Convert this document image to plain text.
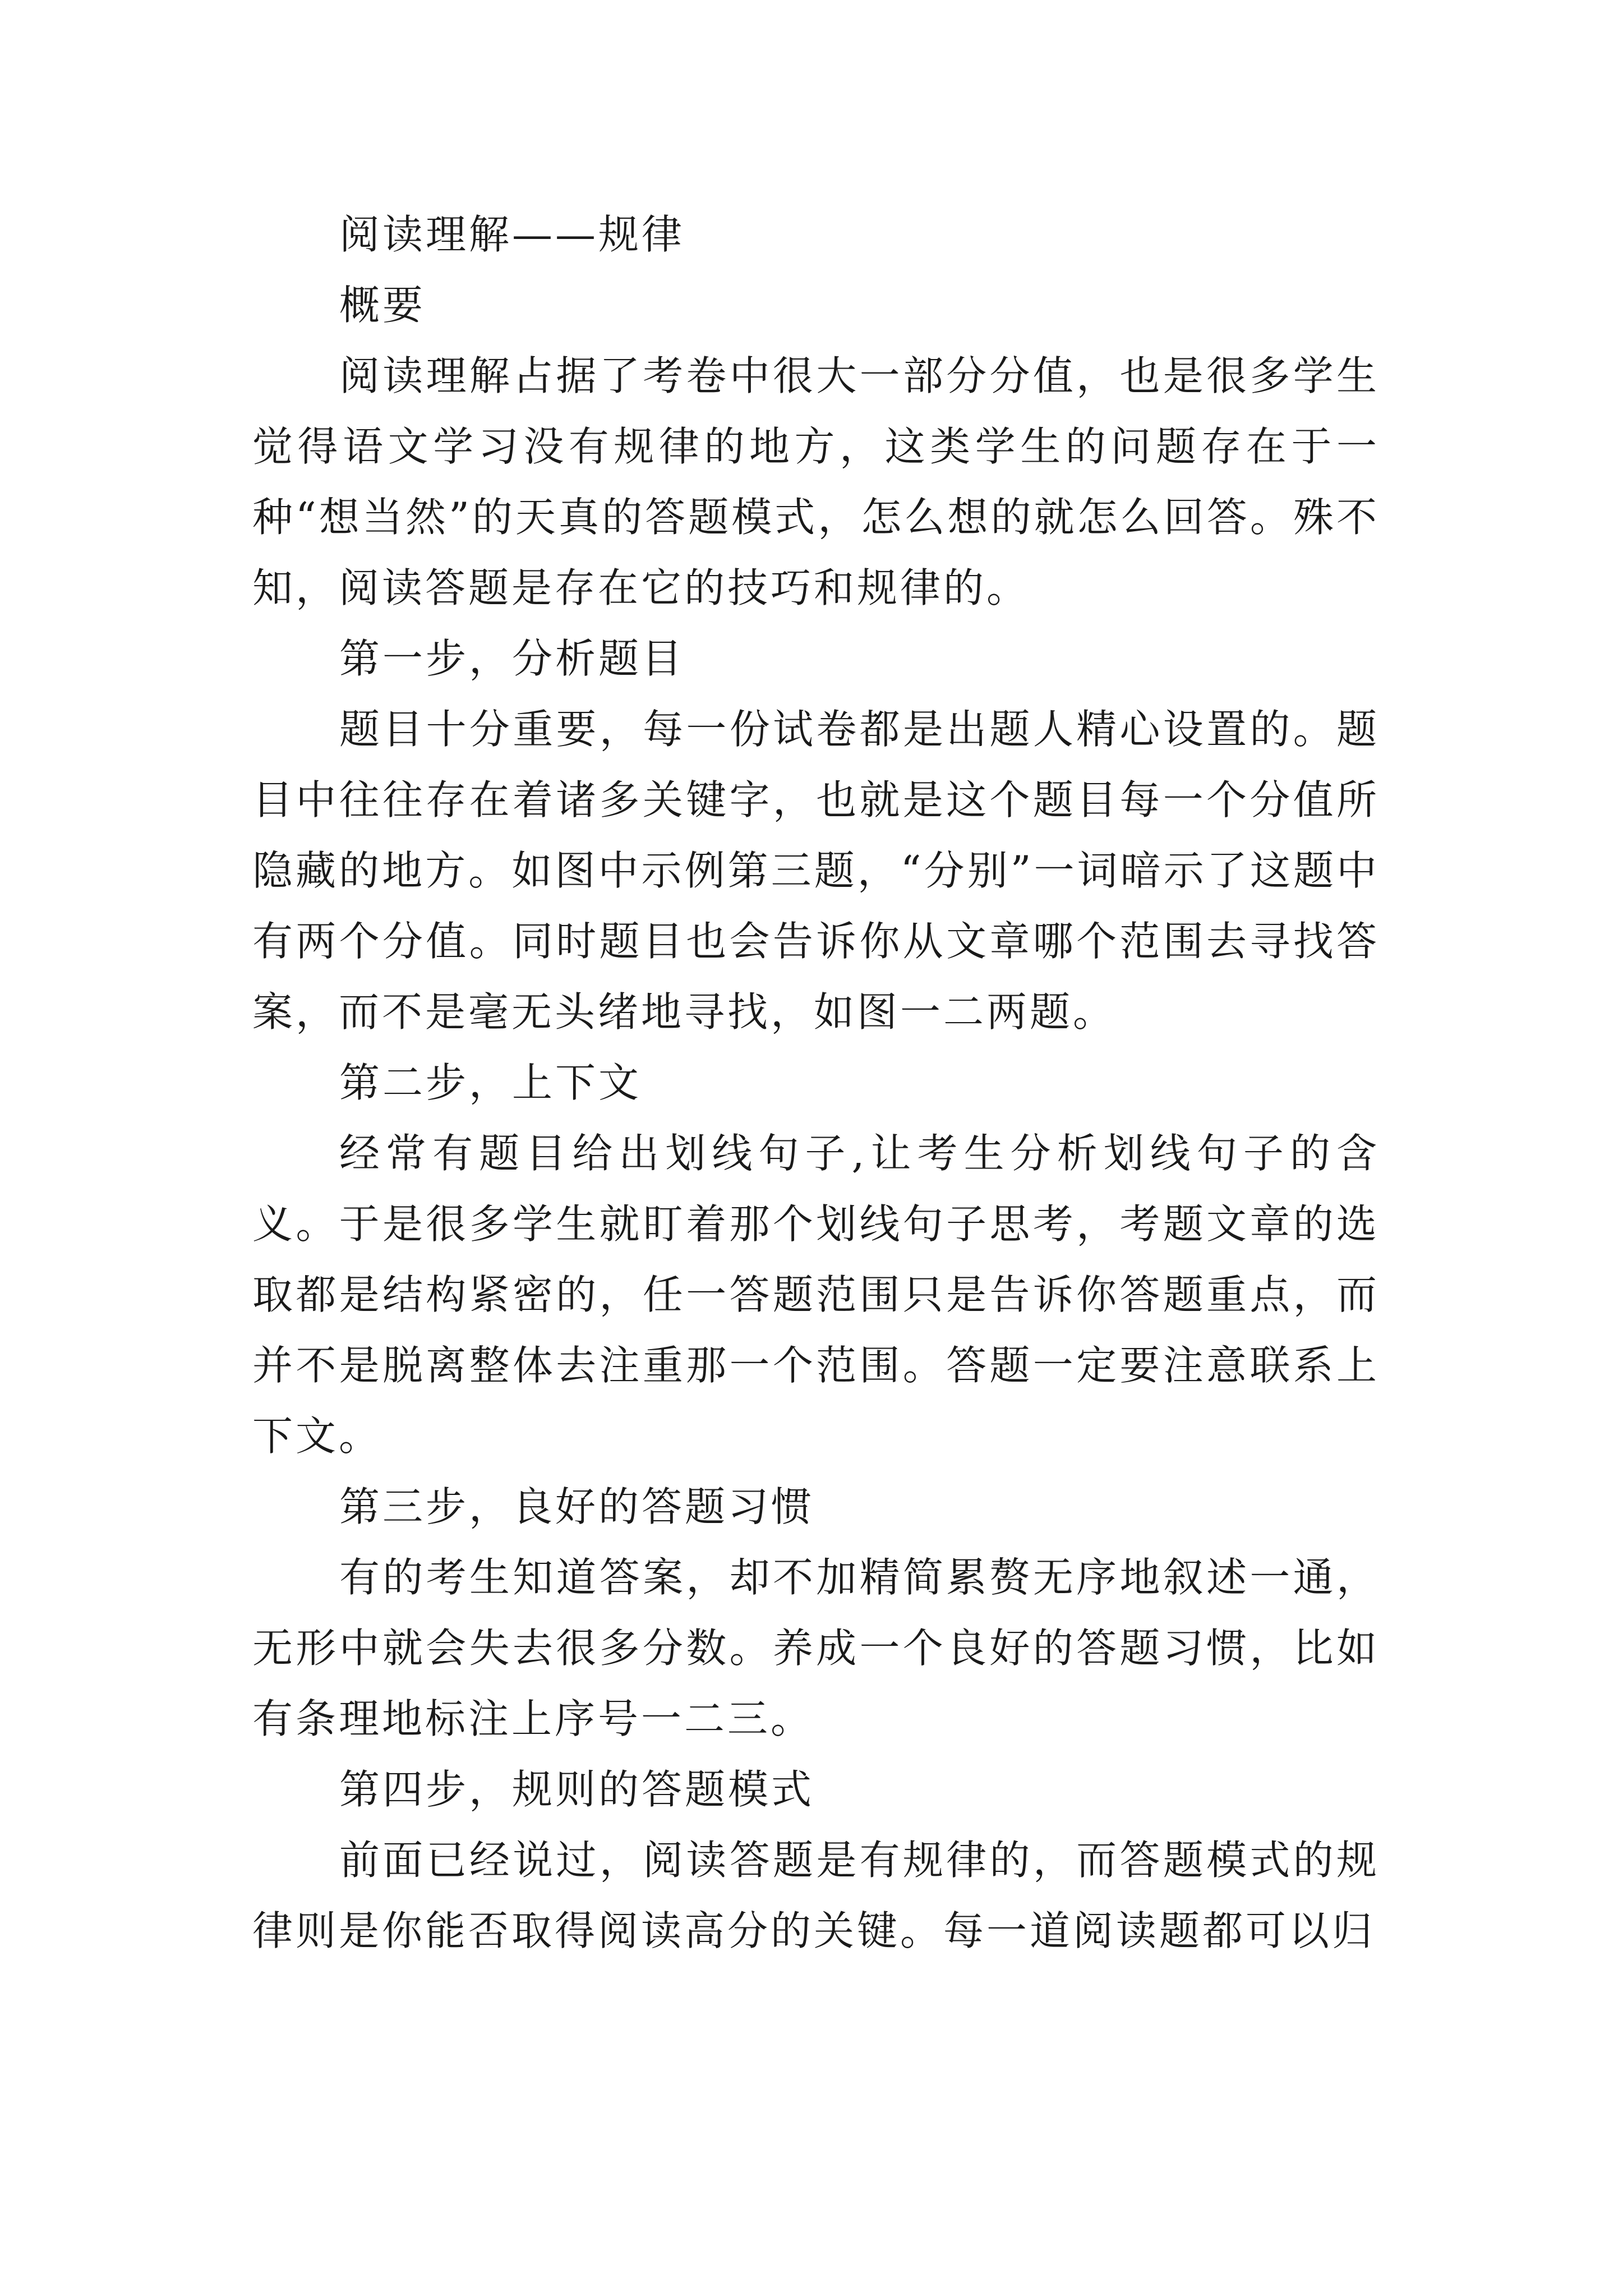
阅读理解——规律

概要

阅读理解占据了考卷中很大一部分分值，也是很多学生觉得语文学习没有规律的地方，这类学生的问题存在于一种“想当然”的天真的答题模式，怎么想的就怎么回答。殊不知，阅读答题是存在它的技巧和规律的。

第一步，分析题目

题目十分重要，每一份试卷都是出题人精心设置的。题目中往往存在着诸多关键字，也就是这个题目每一个分值所隐藏的地方。如图中示例第三题，“分别”一词暗示了这题中有两个分值。同时题目也会告诉你从文章哪个范围去寻找答案，而不是毫无头绪地寻找，如图一二两题。

第二步，上下文

经常有题目给出划线句子,让考生分析划线句子的含义。于是很多学生就盯着那个划线句子思考，考题文章的选取都是结构紧密的，任一答题范围只是告诉你答题重点，而并不是脱离整体去注重那一个范围。答题一定要注意联系上下文。

第三步，良好的答题习惯

有的考生知道答案，却不加精简累赘无序地叙述一通，无形中就会失去很多分数。养成一个良好的答题习惯，比如有条理地标注上序号一二三。

第四步，规则的答题模式

前面已经说过，阅读答题是有规律的，而答题模式的规律则是你能否取得阅读高分的关键。每一道阅读题都可以归
